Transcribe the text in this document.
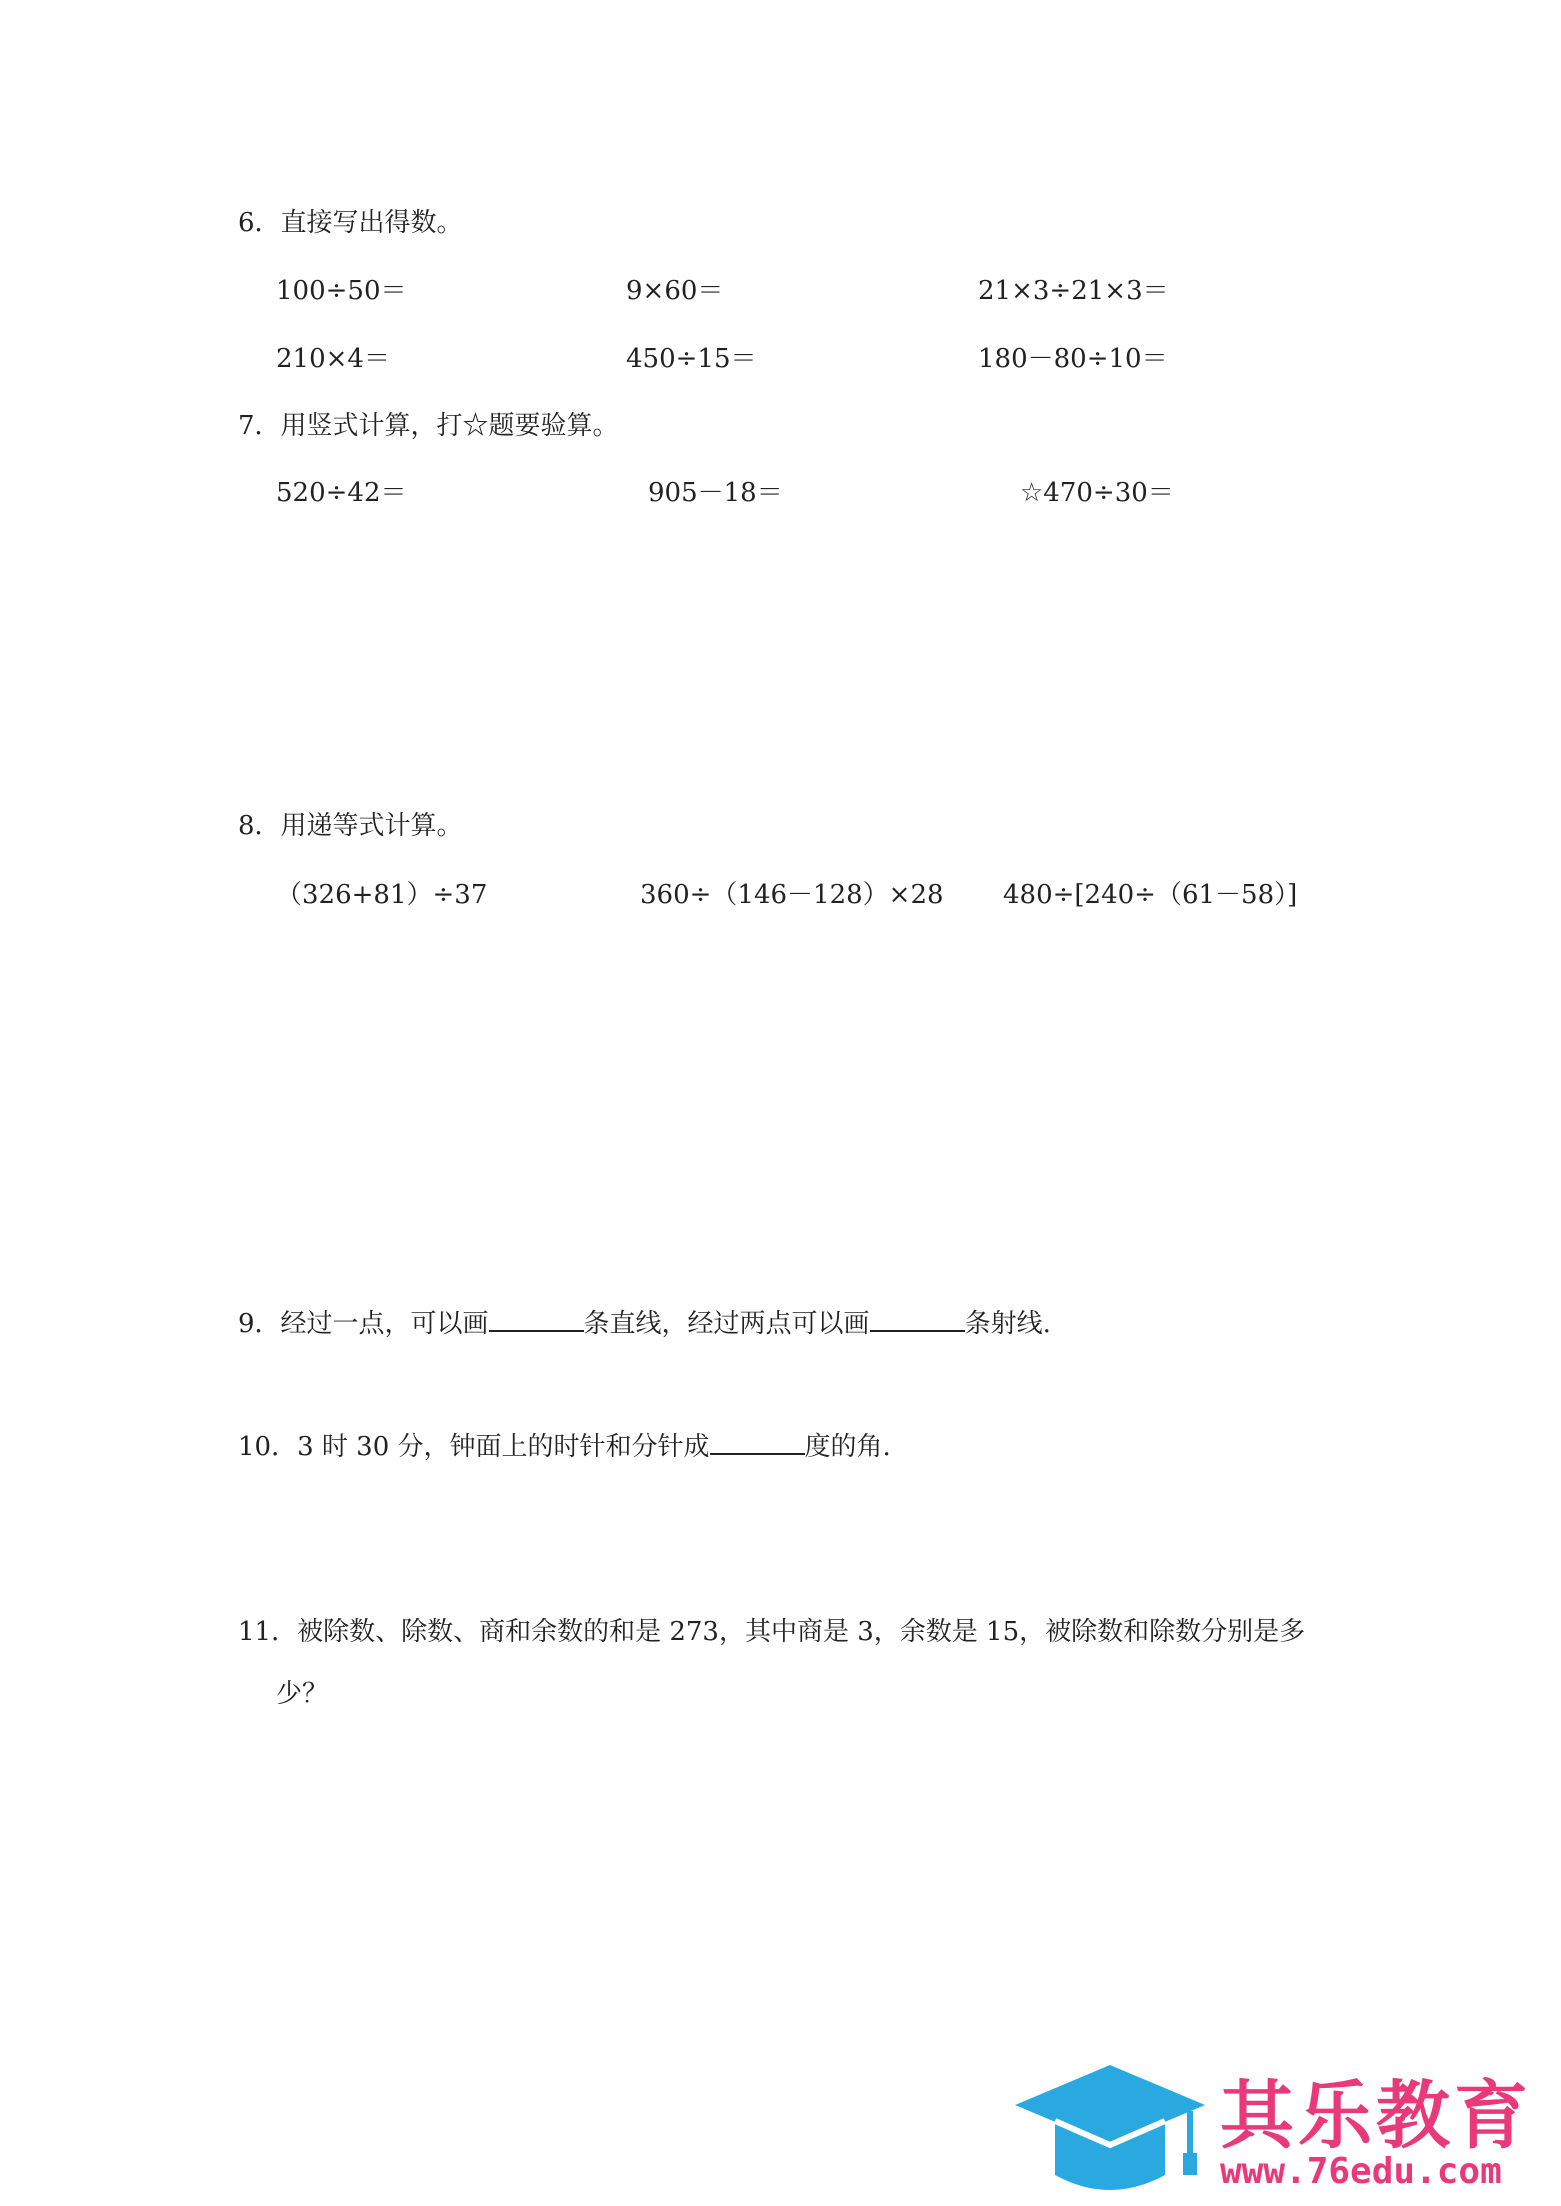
6．直接写出得数。
100÷50＝	9×60＝	21×3÷21×3＝
210×4＝	450÷15＝	180－80÷10＝
7．用竖式计算，打☆题要验算。
520÷42＝	905－18＝	☆470÷30＝
8．用递等式计算。
（326+81）÷37	360÷（146－128）×28 480÷[240÷（61－58）]
9．经过一点，可以画	条直线，经过两点可以画	条射线.
10．3 时 30 分，钟面上的时针和分针成	度的角.
11．被除数、除数、商和余数的和是 273，其中商是 3，余数是 15，被除数和除数分别是多
少？
其乐教育
www.76edu.com
